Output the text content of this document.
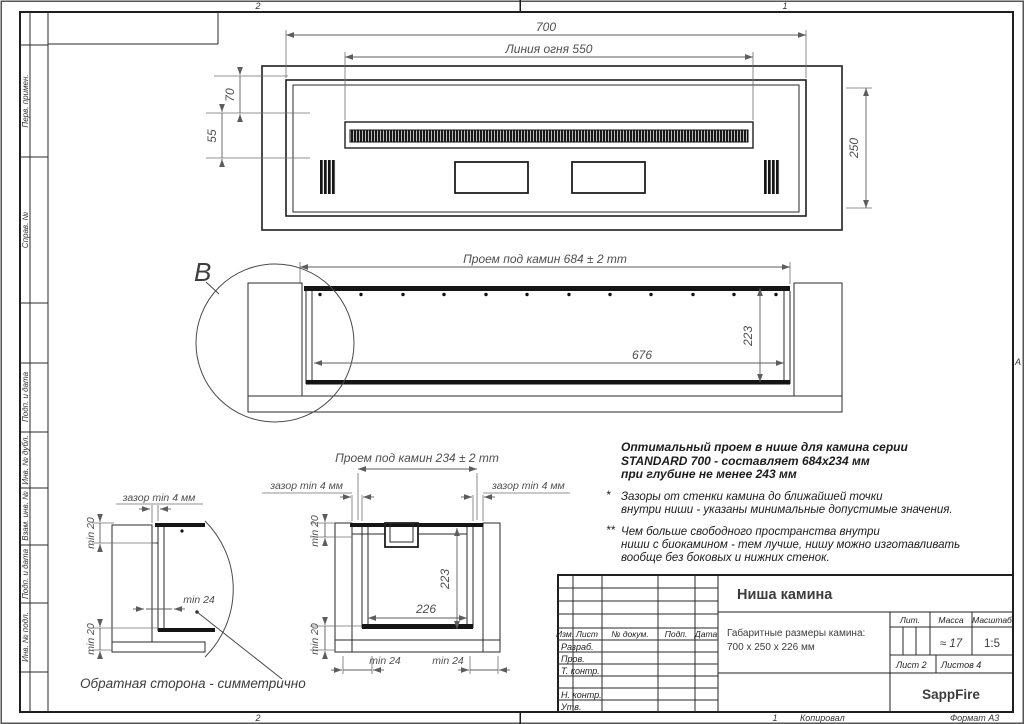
2	1
2	1
A
Копировал	Формат А3
Перв. примен.
Справ. №
Подп. и дата
Инв. № дубл.
Взам. инв. №
Подп. и дата
Инв. № подл.
700
Линия огня 550
70
55
250
B	Проем под камин 684 ± 2 mm
676
223
зазор min 4 мм
min 20
min 20
min 24
Обратная сторона - симметрично
Проем под камин 234 ± 2 mm
зазор min 4 мм	зазор min 4 мм
min 20
min 20
223
226
min 24	min 24
Изм. Лист № докум. Подп. Дата
Разраб.
Пров.
Т. контр.
Н. контр.
Утв.
Ниша камина
Габаритные размеры камина:
700 x 250 x 226 мм
Лит. Масса Масштаб
≈ 17 1:5
Лист 2 Листов 4
SappFire
Оптимальный проем в нише для камина серии
STANDARD 700 - составляет 684x234 мм
при глубине не менее 243 мм
* Зазоры от стенки камина до ближайшей точки
внутри ниши - указаны минимальные допустимые значения.
** Чем больше свободного пространства внутри
ниши с биокамином - тем лучше, нишу можно изготавливать
вообще без боковых и нижних стенок.
